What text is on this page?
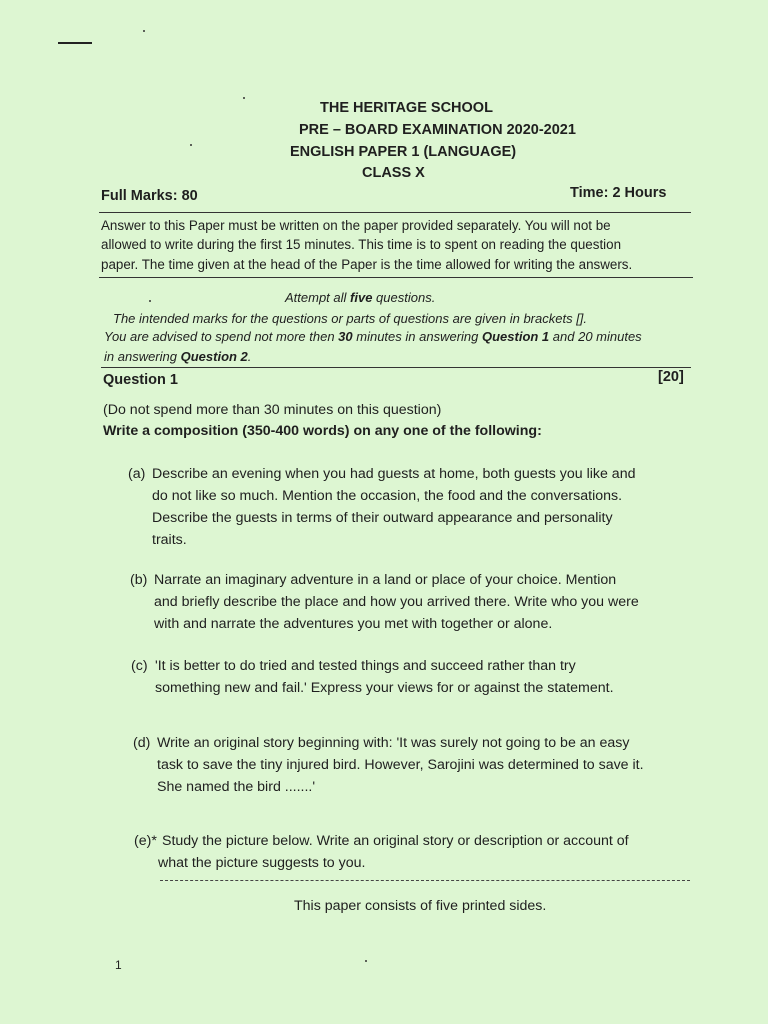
THE HERITAGE SCHOOL
PRE – BOARD EXAMINATION 2020-2021
ENGLISH PAPER 1 (LANGUAGE)
CLASS X
Full Marks: 80	Time: 2 Hours
Answer to this Paper must be written on the paper provided separately. You will not be
allowed to write during the first 15 minutes. This time is to spent on reading the question
paper. The time given at the head of the Paper is the time allowed for writing the answers.
Attempt all five questions.
The intended marks for the questions or parts of questions are given in brackets [].
You are advised to spend not more then 30 minutes in answering Question 1 and 20 minutes
in answering Question 2.
Question 1	[20]
(Do not spend more than 30 minutes on this question)
Write a composition (350-400 words) on any one of the following:
(a) Describe an evening when you had guests at home, both guests you like and
do not like so much. Mention the occasion, the food and the conversations.
Describe the guests in terms of their outward appearance and personality
traits.
(b) Narrate an imaginary adventure in a land or place of your choice. Mention
and briefly describe the place and how you arrived there. Write who you were
with and narrate the adventures you met with together or alone.
(c) 'It is better to do tried and tested things and succeed rather than try
something new and fail.' Express your views for or against the statement.
(d) Write an original story beginning with: 'It was surely not going to be an easy
task to save the tiny injured bird. However, Sarojini was determined to save it.
She named the bird .......'
(e)* Study the picture below. Write an original story or description or account of
what the picture suggests to you.
This paper consists of five printed sides.
1
